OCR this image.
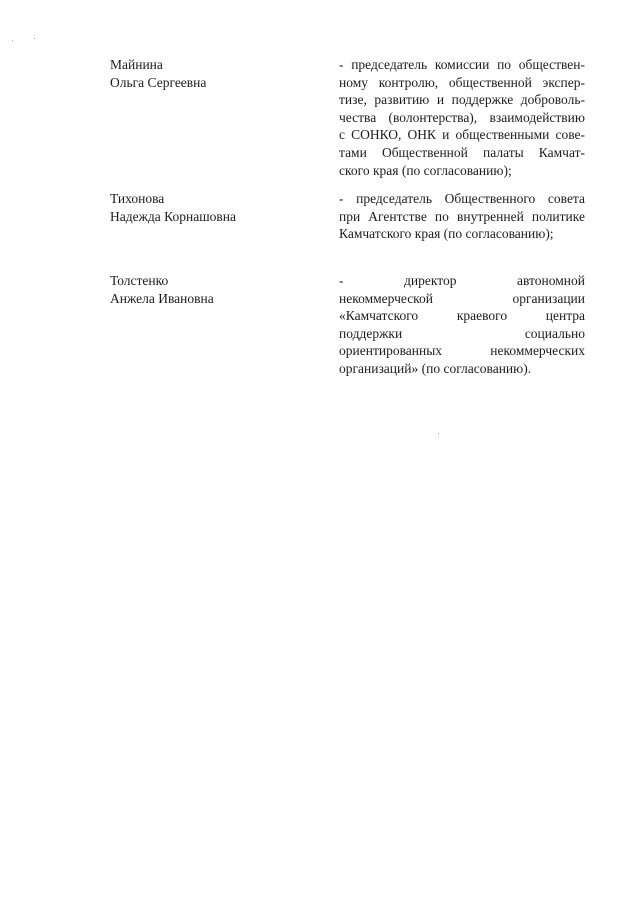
Майнина
Ольга Сергеевна
- председатель комиссии по обществен-
ному контролю, общественной экспер-
тизе, развитию и поддержке доброволь-
чества (волонтерства), взаимодействию
с СОНКО, ОНК и общественными сове-
тами Общественной палаты Камчат-
ского края (по согласованию);
Тихонова
Надежда Корнашовна
- председатель Общественного совета
при Агентстве по внутренней политике
Камчатского края (по согласованию);
Толстенко
Анжела Ивановна
- директор автономной
некоммерческой организации
«Камчатского краевого центра
поддержки социально
ориентированных некоммерческих
организаций» (по согласованию).
